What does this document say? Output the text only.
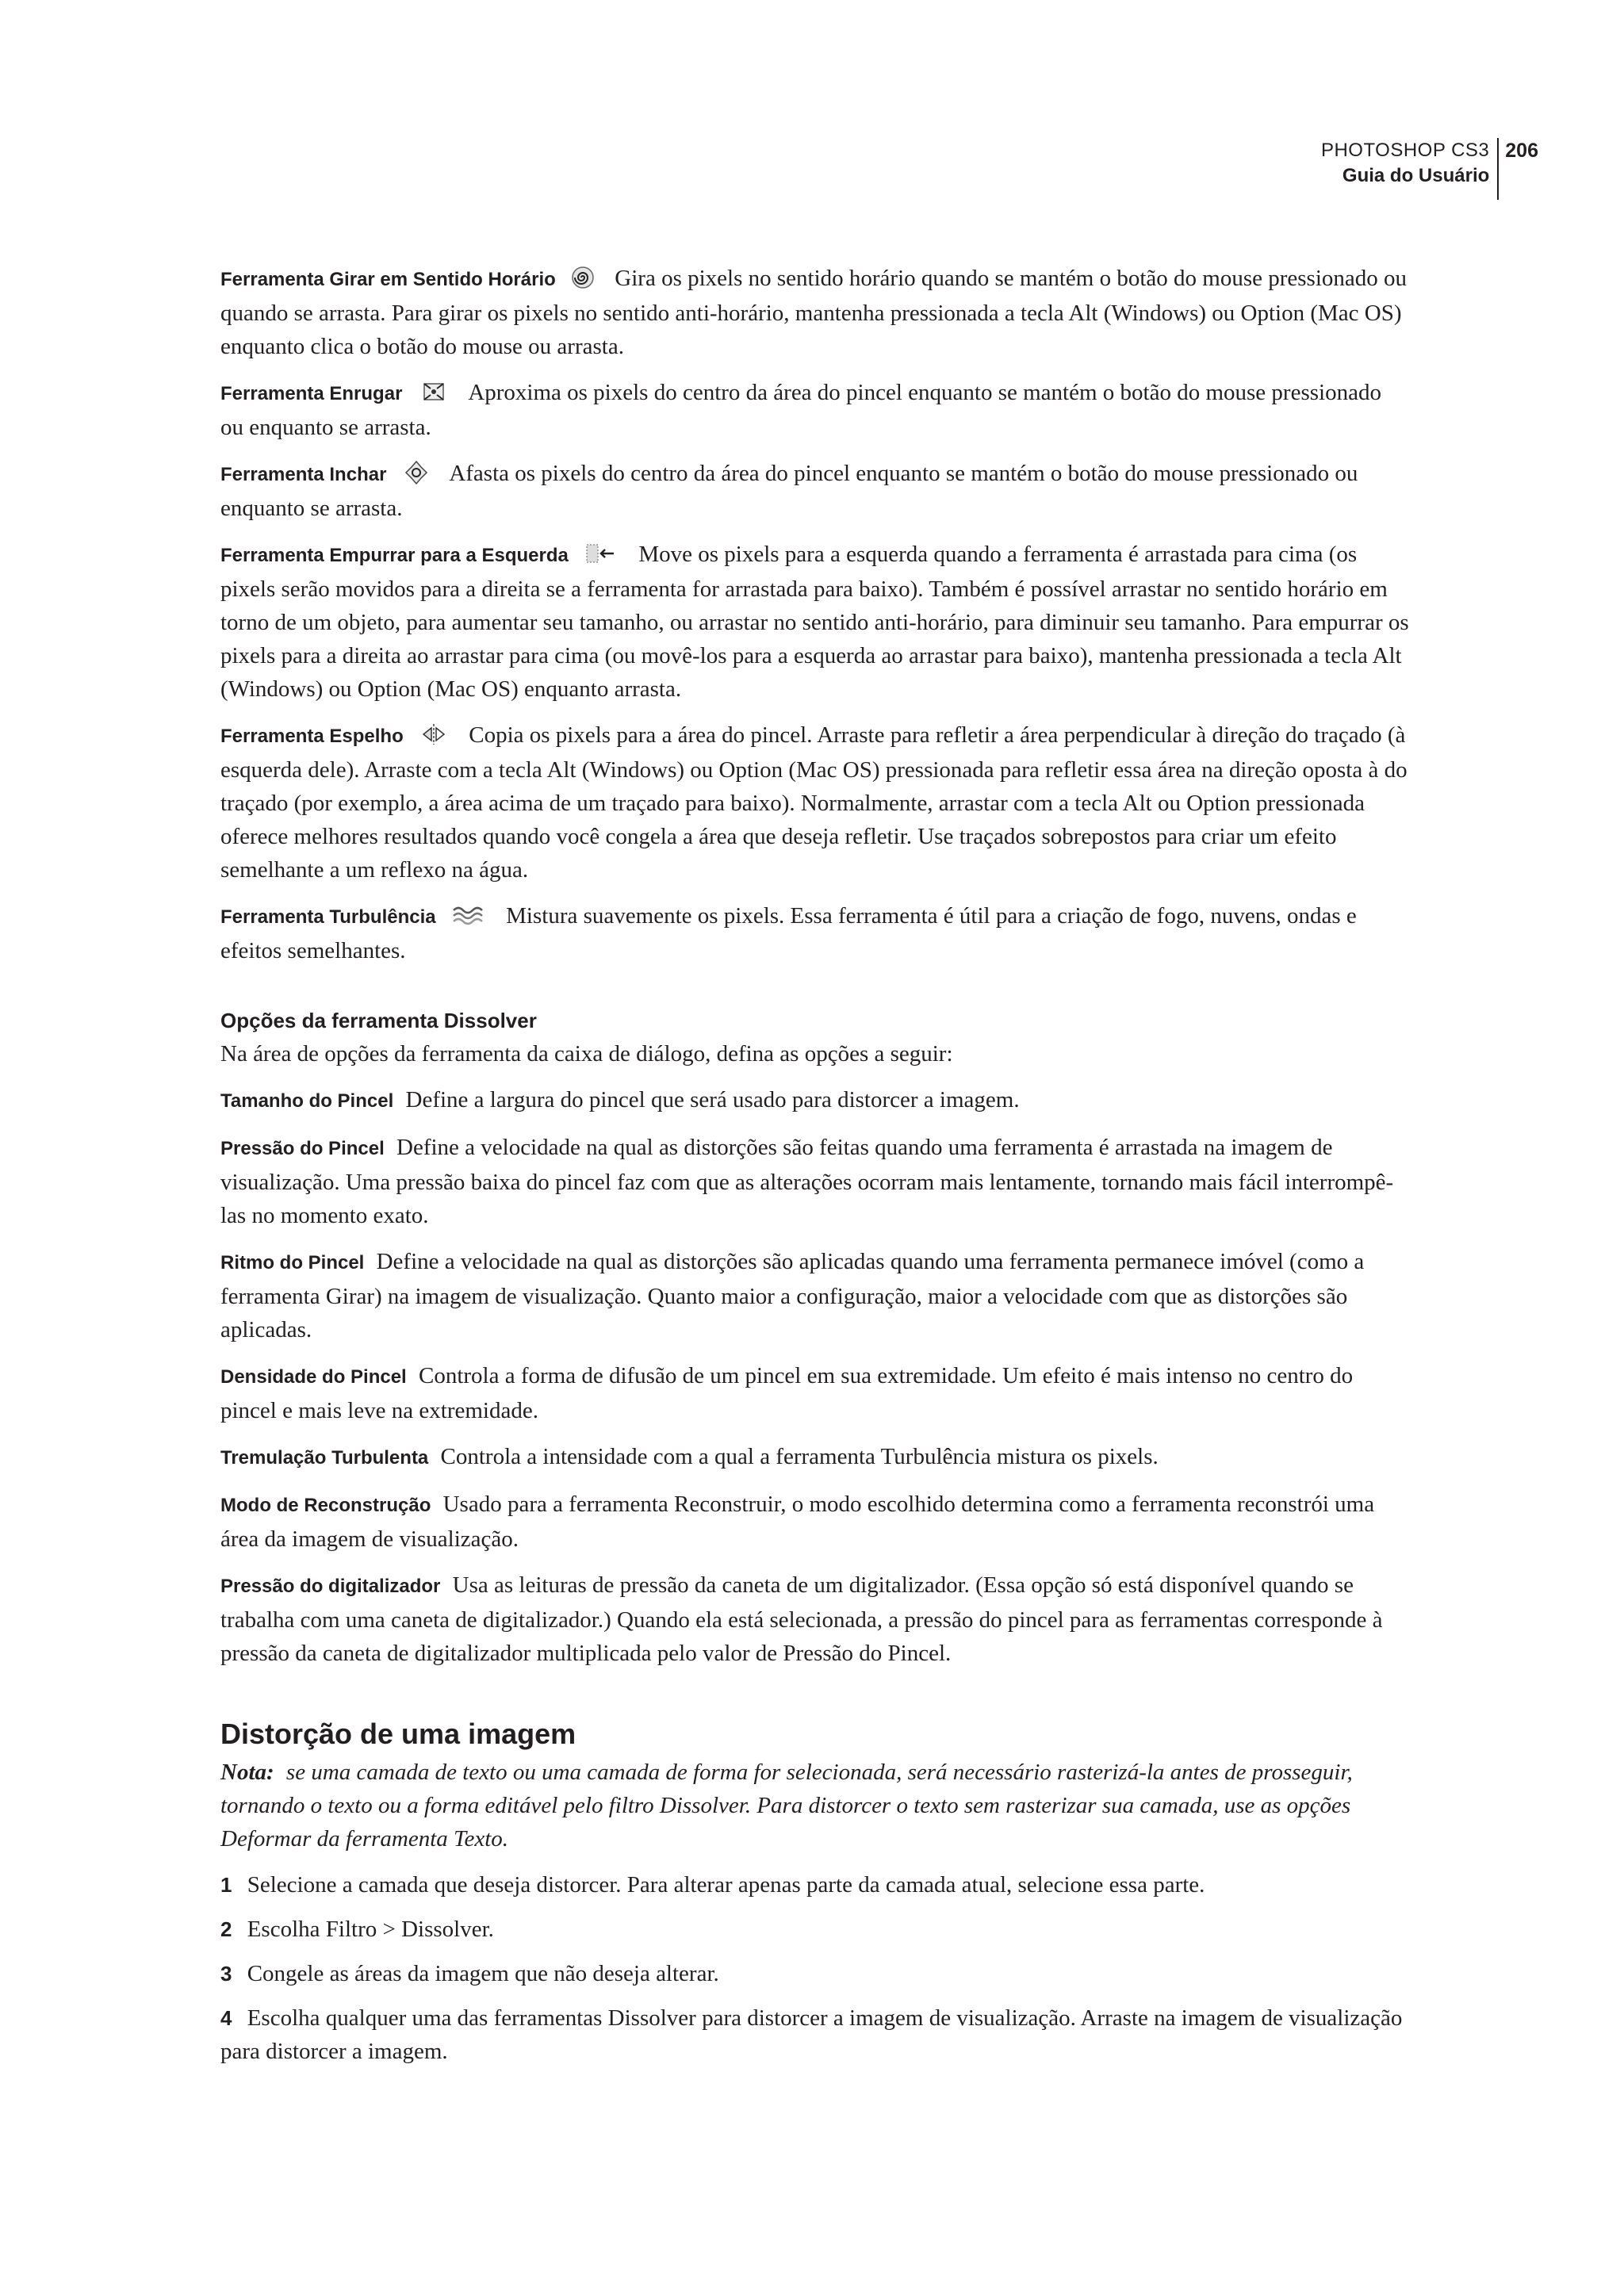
PHOTOSHOP CS3
Guia do Usuário
206

Ferramenta Girar em Sentido Horário	Gira os pixels no sentido horário quando se mantém o botão do mouse pressionado ou quando se arrasta. Para girar os pixels no sentido anti-horário, mantenha pressionada a tecla Alt (Windows) ou Option (Mac OS) enquanto clica o botão do mouse ou arrasta.

Ferramenta Enrugar	Aproxima os pixels do centro da área do pincel enquanto se mantém o botão do mouse pressionado ou enquanto se arrasta.

Ferramenta Inchar	Afasta os pixels do centro da área do pincel enquanto se mantém o botão do mouse pressionado ou enquanto se arrasta.

Ferramenta Empurrar para a Esquerda	Move os pixels para a esquerda quando a ferramenta é arrastada para cima (os pixels serão movidos para a direita se a ferramenta for arrastada para baixo). Também é possível arrastar no sentido horário em torno de um objeto, para aumentar seu tamanho, ou arrastar no sentido anti-horário, para diminuir seu tamanho. Para empurrar os pixels para a direita ao arrastar para cima (ou movê-los para a esquerda ao arrastar para baixo), mantenha pressionada a tecla Alt (Windows) ou Option (Mac OS) enquanto arrasta.

Ferramenta Espelho	Copia os pixels para a área do pincel. Arraste para refletir a área perpendicular à direção do traçado (à esquerda dele). Arraste com a tecla Alt (Windows) ou Option (Mac OS) pressionada para refletir essa área na direção oposta à do traçado (por exemplo, a área acima de um traçado para baixo). Normalmente, arrastar com a tecla Alt ou Option pressionada oferece melhores resultados quando você congela a área que deseja refletir. Use traçados sobrepostos para criar um efeito semelhante a um reflexo na água.

Ferramenta Turbulência	Mistura suavemente os pixels. Essa ferramenta é útil para a criação de fogo, nuvens, ondas e efeitos semelhantes.

Opções da ferramenta Dissolver

Na área de opções da ferramenta da caixa de diálogo, defina as opções a seguir:

Tamanho do Pincel Define a largura do pincel que será usado para distorcer a imagem.

Pressão do Pincel Define a velocidade na qual as distorções são feitas quando uma ferramenta é arrastada na imagem de visualização. Uma pressão baixa do pincel faz com que as alterações ocorram mais lentamente, tornando mais fácil interrompê-las no momento exato.

Ritmo do Pincel Define a velocidade na qual as distorções são aplicadas quando uma ferramenta permanece imóvel (como a ferramenta Girar) na imagem de visualização. Quanto maior a configuração, maior a velocidade com que as distorções são aplicadas.

Densidade do Pincel Controla a forma de difusão de um pincel em sua extremidade. Um efeito é mais intenso no centro do pincel e mais leve na extremidade.

Tremulação Turbulenta Controla a intensidade com a qual a ferramenta Turbulência mistura os pixels.

Modo de Reconstrução Usado para a ferramenta Reconstruir, o modo escolhido determina como a ferramenta reconstrói uma área da imagem de visualização.

Pressão do digitalizador Usa as leituras de pressão da caneta de um digitalizador. (Essa opção só está disponível quando se trabalha com uma caneta de digitalizador.) Quando ela está selecionada, a pressão do pincel para as ferramentas corresponde à pressão da caneta de digitalizador multiplicada pelo valor de Pressão do Pincel.

Distorção de uma imagem

Nota: se uma camada de texto ou uma camada de forma for selecionada, será necessário rasterizá-la antes de prosseguir, tornando o texto ou a forma editável pelo filtro Dissolver. Para distorcer o texto sem rasterizar sua camada, use as opções Deformar da ferramenta Texto.

1 Selecione a camada que deseja distorcer. Para alterar apenas parte da camada atual, selecione essa parte.

2 Escolha Filtro > Dissolver.

3 Congele as áreas da imagem que não deseja alterar.

4 Escolha qualquer uma das ferramentas Dissolver para distorcer a imagem de visualização. Arraste na imagem de visualização para distorcer a imagem.
